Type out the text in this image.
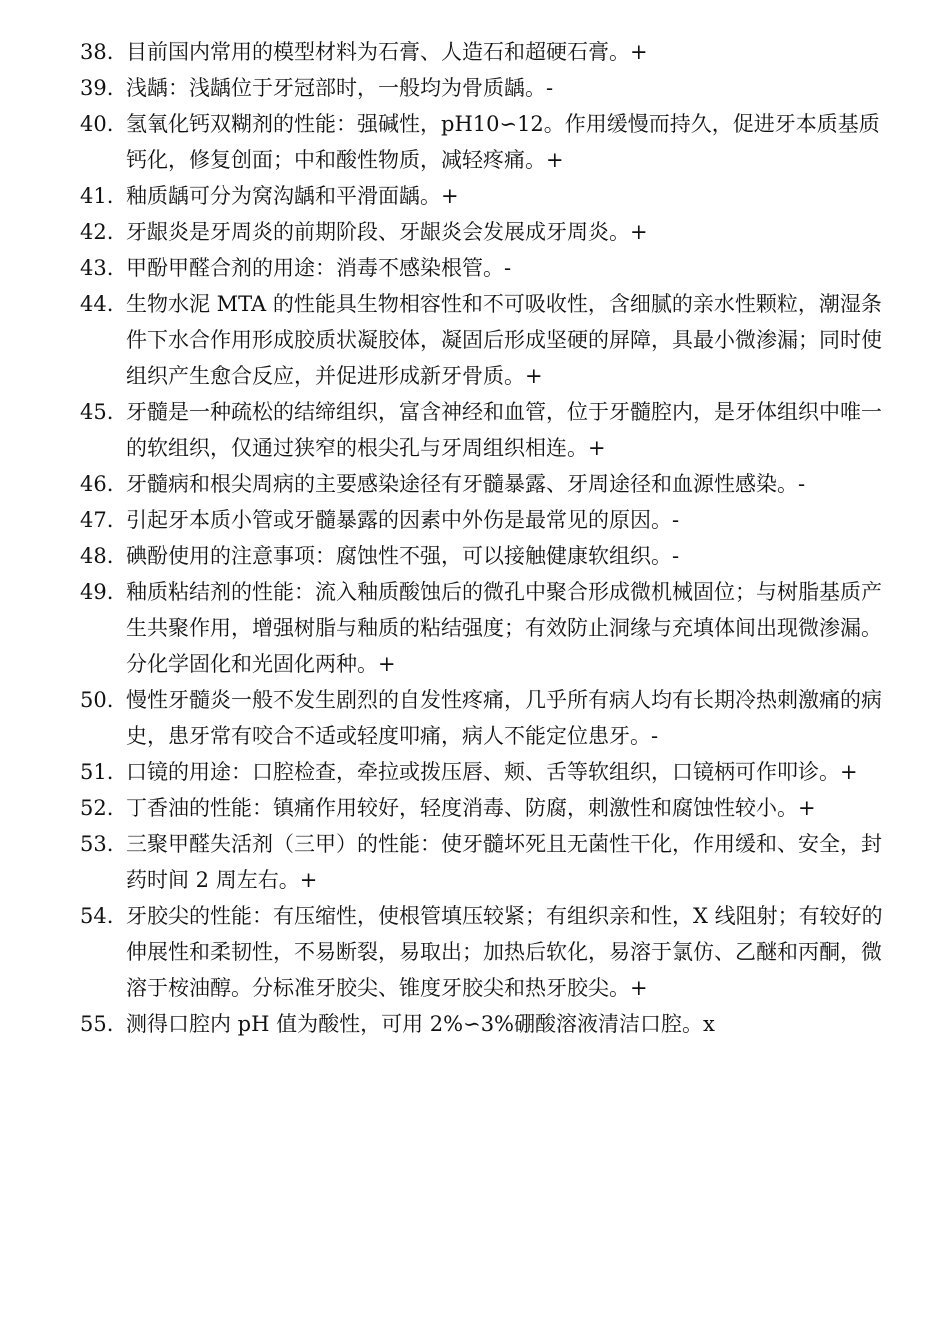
38. 目前国内常用的模型材料为石膏、人造石和超硬石膏。+
39. 浅龋：浅龋位于牙冠部时，一般均为骨质龋。-
40. 氢氧化钙双糊剂的性能：强碱性，pH10∽12。作用缓慢而持久，促进牙本质基质钙化，修复创面；中和酸性物质，减轻疼痛。+
41. 釉质龋可分为窝沟龋和平滑面龋。+
42. 牙龈炎是牙周炎的前期阶段、牙龈炎会发展成牙周炎。+
43. 甲酚甲醛合剂的用途：消毒不感染根管。-
44. 生物水泥 MTA 的性能具生物相容性和不可吸收性，含细腻的亲水性颗粒，潮湿条件下水合作用形成胶质状凝胶体，凝固后形成坚硬的屏障，具最小微渗漏；同时使组织产生愈合反应，并促进形成新牙骨质。+
45. 牙髓是一种疏松的结缔组织，富含神经和血管，位于牙髓腔内，是牙体组织中唯一的软组织，仅通过狭窄的根尖孔与牙周组织相连。+
46. 牙髓病和根尖周病的主要感染途径有牙髓暴露、牙周途径和血源性感染。-
47. 引起牙本质小管或牙髓暴露的因素中外伤是最常见的原因。-
48. 碘酚使用的注意事项：腐蚀性不强，可以接触健康软组织。-
49. 釉质粘结剂的性能：流入釉质酸蚀后的微孔中聚合形成微机械固位；与树脂基质产生共聚作用，增强树脂与釉质的粘结强度；有效防止洞缘与充填体间出现微渗漏。分化学固化和光固化两种。+
50. 慢性牙髓炎一般不发生剧烈的自发性疼痛，几乎所有病人均有长期冷热刺激痛的病史，患牙常有咬合不适或轻度叩痛，病人不能定位患牙。-
51. 口镜的用途：口腔检查，牵拉或拨压唇、颊、舌等软组织，口镜柄可作叩诊。+
52. 丁香油的性能：镇痛作用较好，轻度消毒、防腐，刺激性和腐蚀性较小。+
53. 三聚甲醛失活剂（三甲）的性能：使牙髓坏死且无菌性干化，作用缓和、安全，封药时间 2 周左右。+
54. 牙胶尖的性能：有压缩性，使根管填压较紧；有组织亲和性，X 线阻射；有较好的伸展性和柔韧性，不易断裂，易取出；加热后软化，易溶于氯仿、乙醚和丙酮，微溶于桉油醇。分标准牙胶尖、锥度牙胶尖和热牙胶尖。+
55. 测得口腔内 pH 值为酸性，可用 2%∽3%硼酸溶液清洁口腔。x
